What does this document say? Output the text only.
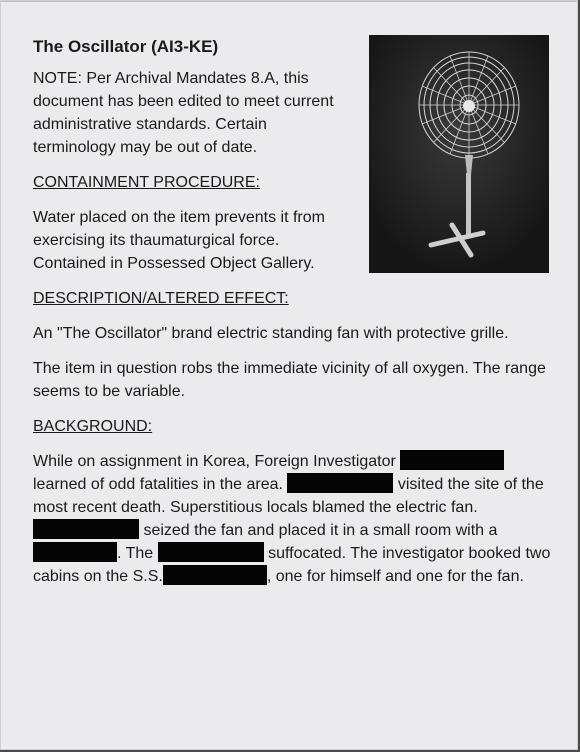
The Oscillator (AI3-KE)
NOTE: Per Archival Mandates 8.A, this document has been edited to meet current administrative standards. Certain terminology may be out of date.
CONTAINMENT PROCEDURE:
Water placed on the item prevents it from exercising its thaumaturgical force. Contained in Possessed Object Gallery.
DESCRIPTION/ALTERED EFFECT:
An "The Oscillator" brand electric standing fan with protective grille.
The item in question robs the immediate vicinity of all oxygen. The range seems to be variable.
BACKGROUND:
While on assignment in Korea, Foreign Investigator  learned of odd fatalities in the area.	visited the site of the most recent death. Superstitious locals blamed the electric fan.  seized the fan and placed it in a small room with a . The	suffocated. The investigator booked two cabins on the S.S.	, one for himself and one for the fan.
